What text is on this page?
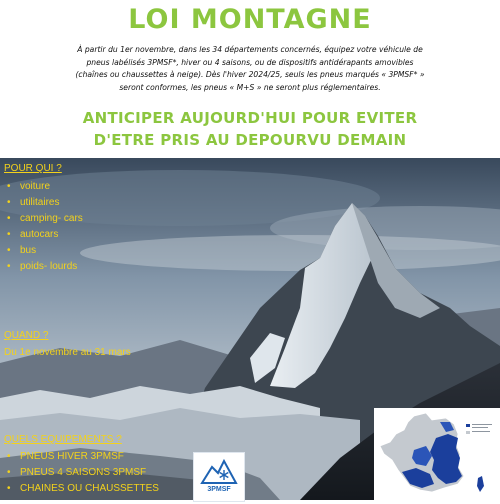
LOI MONTAGNE
À partir du 1er novembre, dans les 34 départements concernés, équipez votre véhicule de
pneus labélisés 3PMSF*, hiver ou 4 saisons, ou de dispositifs antidérapants amovibles
(chaînes ou chaussettes à neige). Dès l'hiver 2024/25, seuls les pneus marqués « 3PMSF* »
seront conformes, les pneus « M+S » ne seront plus réglementaires.
ANTICIPER AUJOURD'HUI POUR EVITER
D'ETRE PRIS AU DEPOURVU DEMAIN
POUR QUI ?
• voiture
• utilitaires
• camping- cars
• autocars
• bus
• poids- lourds
QUAND ?
Du 1e novembre au 31 mars
QUELS EQUIPEMENTS ?
• PNEUS HIVER 3PMSF
• PNEUS 4 SAISONS 3PMSF
• CHAINES OU CHAUSSETTES	3PMSF
